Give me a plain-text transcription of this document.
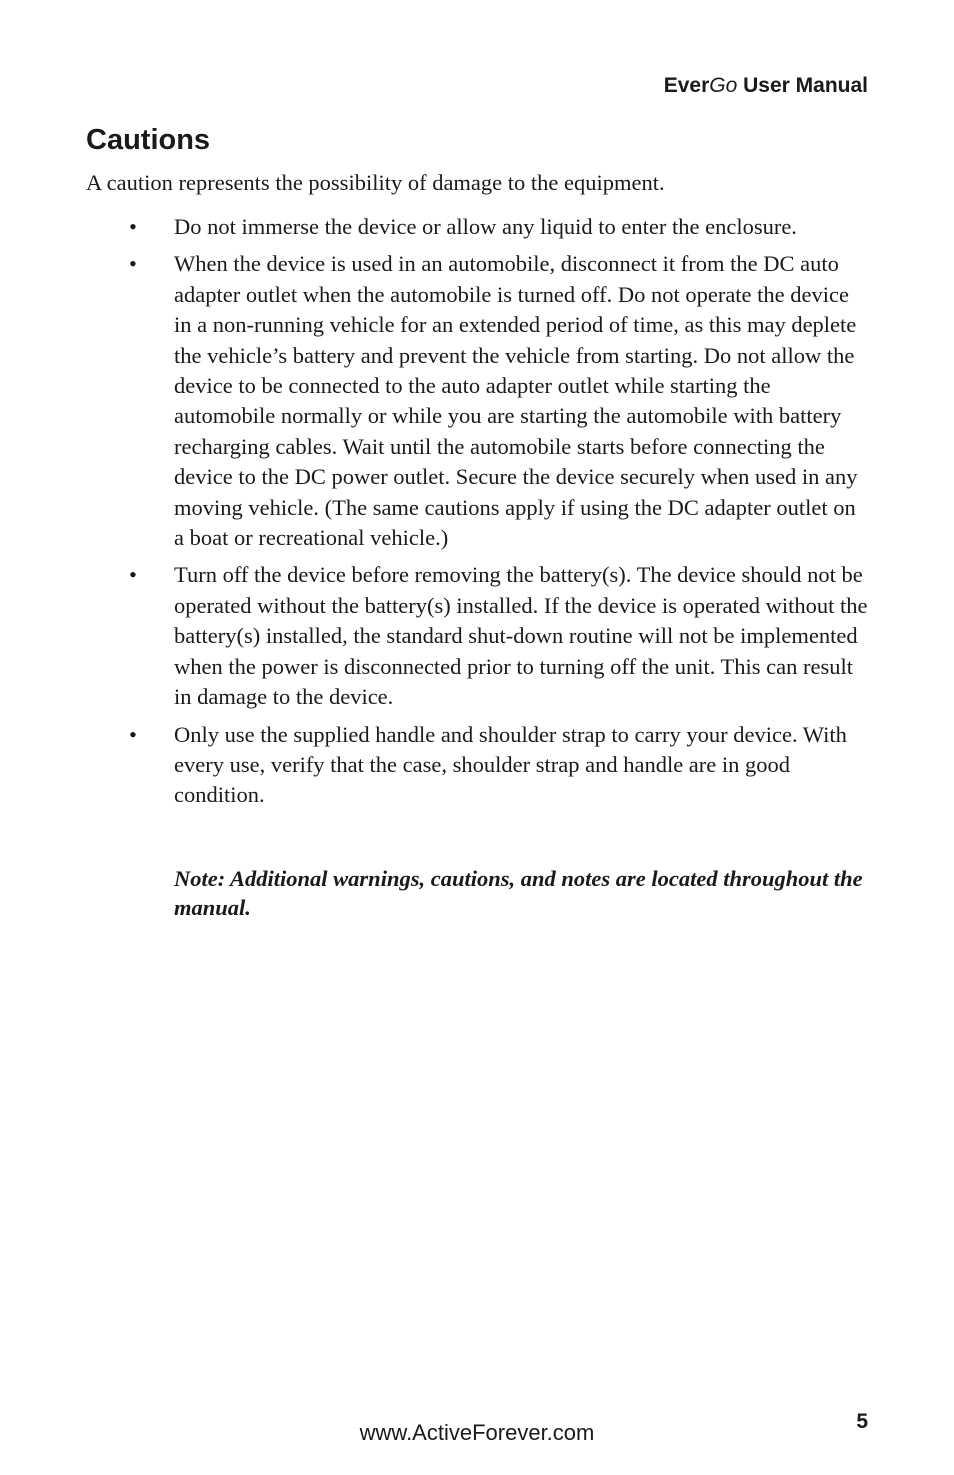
EverGo User Manual
Cautions
A caution represents the possibility of damage to the equipment.
• Do not immerse the device or allow any liquid to enter the enclosure.
• When the device is used in an automobile, disconnect it from the DC auto adapter outlet when the automobile is turned off. Do not operate the device in a non-running vehicle for an extended period of time, as this may deplete the vehicle’s battery and prevent the vehicle from starting. Do not allow the device to be connected to the auto adapter outlet while starting the automobile normally or while you are starting the automobile with battery recharging cables. Wait until the automobile starts before connecting the device to the DC power outlet. Secure the device securely when used in any moving vehicle. (The same cautions apply if using the DC adapter outlet on a boat or recreational vehicle.)
• Turn off the device before removing the battery(s). The device should not be operated without the battery(s) installed. If the device is operated without the battery(s) installed, the standard shut-down routine will not be implemented when the power is disconnected prior to turning off the unit. This can result in damage to the device.
• Only use the supplied handle and shoulder strap to carry your device. With every use, verify that the case, shoulder strap and handle are in good condition.
Note: Additional warnings, cautions, and notes are located throughout the manual.
www.ActiveForever.com	5
